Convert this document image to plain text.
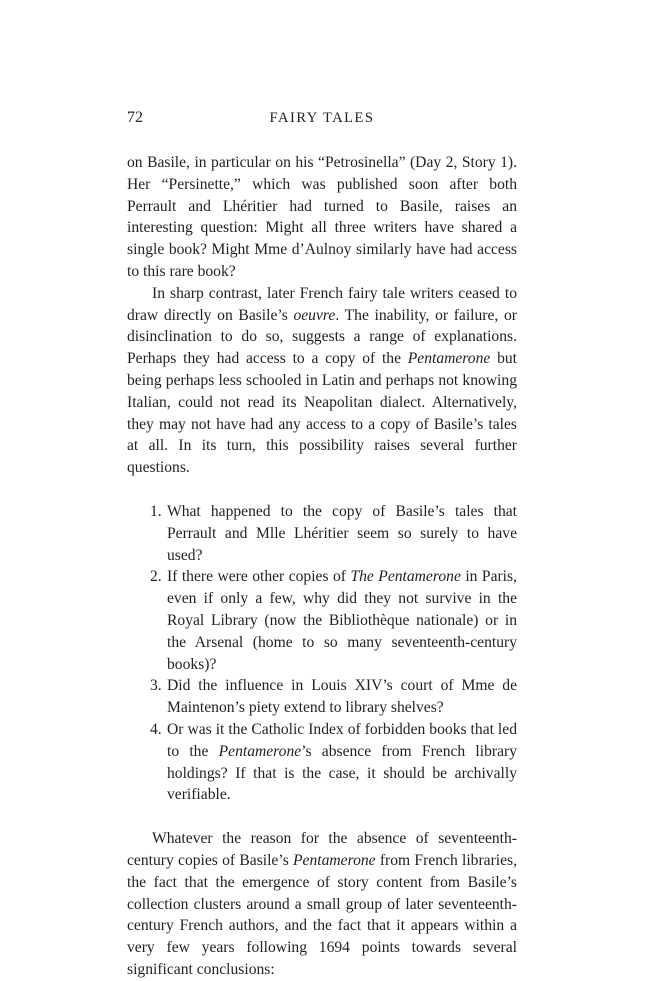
72	FAIRY TALES

on Basile, in particular on his “Petrosinella” (Day 2, Story 1). Her “Persinette,” which was published soon after both Perrault and Lhéritier had turned to Basile, raises an interesting question: Might all three writers have shared a single book? Might Mme d’Aulnoy similarly have had access to this rare book?

In sharp contrast, later French fairy tale writers ceased to draw directly on Basile’s oeuvre. The inability, or failure, or disinclination to do so, suggests a range of explanations. Perhaps they had access to a copy of the Pentamerone but being perhaps less schooled in Latin and perhaps not knowing Italian, could not read its Neapolitan dialect. Alternatively, they may not have had any access to a copy of Basile’s tales at all. In its turn, this possibility raises several further questions.

1. What happened to the copy of Basile’s tales that Perrault and Mlle Lhéritier seem so surely to have used?
2. If there were other copies of The Pentamerone in Paris, even if only a few, why did they not survive in the Royal Library (now the Bibliothèque nationale) or in the Arsenal (home to so many seventeenth-century books)?
3. Did the influence in Louis XIV’s court of Mme de Maintenon’s piety extend to library shelves?
4. Or was it the Catholic Index of forbidden books that led to the Pentamerone’s absence from French library holdings? If that is the case, it should be archivally verifiable.

Whatever the reason for the absence of seventeenth-century copies of Basile’s Pentamerone from French libraries, the fact that the emergence of story content from Basile’s collection clusters around a small group of later seventeenth-century French authors, and the fact that it appears within a very few years following 1694 points towards several significant conclusions:
